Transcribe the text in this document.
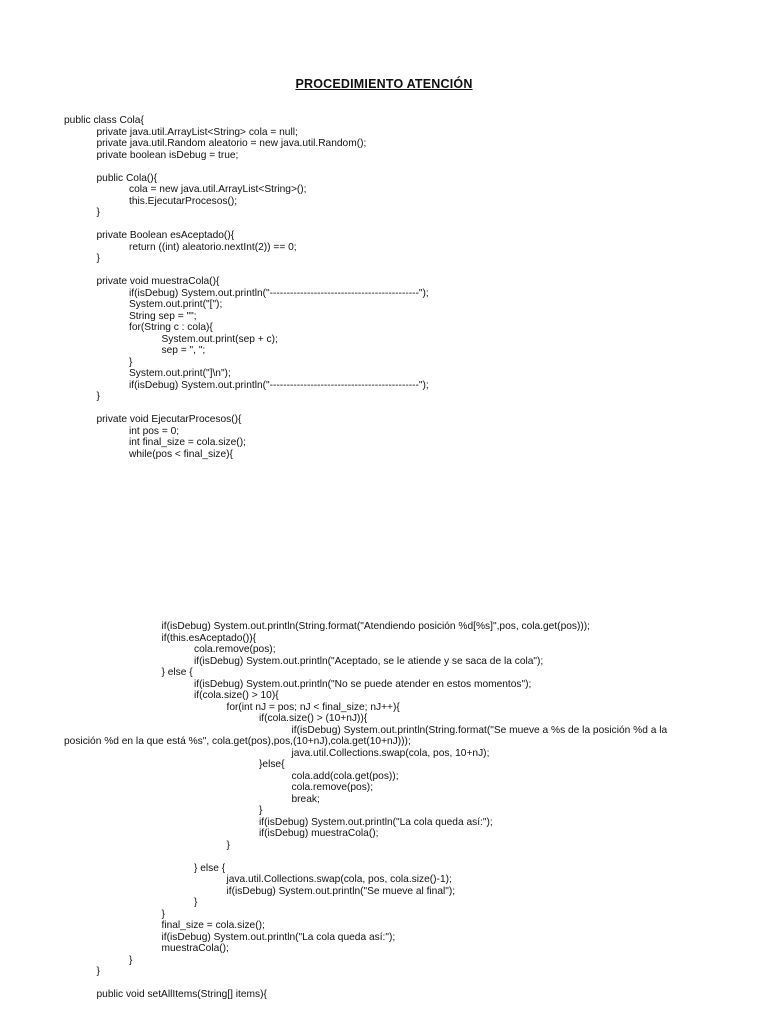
PROCEDIMIENTO ATENCIÓN
public class Cola{
private java.util.ArrayList<String> cola = null;
private java.util.Random aleatorio = new java.util.Random();
private boolean isDebug = true;
public Cola(){
cola = new java.util.ArrayList<String>();
this.EjecutarProcesos();
}
private Boolean esAceptado(){
return ((int) aleatorio.nextInt(2)) == 0;
}
private void muestraCola(){
if(isDebug) System.out.println("--------------------------------------------");
System.out.print("[");
String sep = "";
for(String c : cola){
System.out.print(sep + c);
sep = ", ";
}
System.out.print("]\n");
if(isDebug) System.out.println("--------------------------------------------");
}
private void EjecutarProcesos(){
int pos = 0;
int final_size = cola.size();
while(pos < final_size){
if(isDebug) System.out.println(String.format("Atendiendo posición %d[%s]",pos, cola.get(pos)));
if(this.esAceptado()){
cola.remove(pos);
if(isDebug) System.out.println("Aceptado, se le atiende y se saca de la cola");
} else {
if(isDebug) System.out.println("No se puede atender en estos momentos");
if(cola.size() > 10){
for(int nJ = pos; nJ < final_size; nJ++){
if(cola.size() > (10+nJ)){
if(isDebug) System.out.println(String.format("Se mueve a %s de la posición %d a la posición %d en la que está %s", cola.get(pos),pos,(10+nJ),cola.get(10+nJ)));
java.util.Collections.swap(cola, pos, 10+nJ);
}else{
cola.add(cola.get(pos));
cola.remove(pos);
break;
}
if(isDebug) System.out.println("La cola queda así:");
if(isDebug) muestraCola();
}
} else {
java.util.Collections.swap(cola, pos, cola.size()-1);
if(isDebug) System.out.println("Se mueve al final");
}
}
final_size = cola.size();
if(isDebug) System.out.println("La cola queda así:");
muestraCola();
}
}
public void setAllItems(String[] items){
